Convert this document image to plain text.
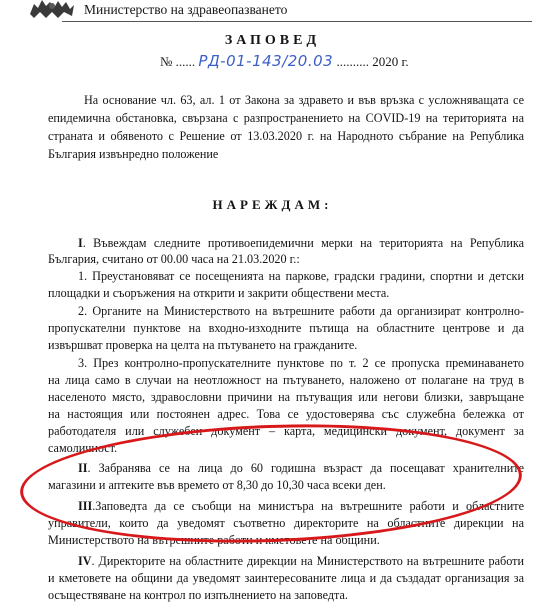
Министерство на здравеопазването
ЗАПОВЕД
№ ...... РД-01-143/20.03 .......... 2020 г.
На основание чл. 63, ал. 1 от Закона за здравето и във връзка с усложняващата се
епидемична обстановка, свързана с разпространението на COVID-19 на територията на
страната и обявеното с Решение от 13.03.2020 г. на Народното събрание на Република
България извънредно положение
НАРЕЖДАМ:
I. Въвеждам следните противоепидемични мерки на територията на Република
България, считано от 00.00 часа на 21.03.2020 г.:
1. Преустановяват се посещенията на паркове, градски градини, спортни и детски
площадки и съоръжения на открити и закрити обществени места.
2. Органите на Министерството на вътрешните работи да организират контролно-
пропускателни пунктове на входно-изходните пътища на областните центрове и да
извършват проверка на целта на пътуването на гражданите.
3. През контролно-пропускателните пунктове по т. 2 се пропуска преминаването
на лица само в случаи на неотложност на пътуването, наложено от полагане на труд в
населеното място, здравословни причини на пътуващия или негови близки, завръщане
на настоящия или постоянен адрес. Това се удостоверява със служебна бележка от
работодателя или служебен документ – карта, медицински документ, документ за
самоличност.
II. Забранява се на лица до 60 годишна възраст да посещават хранителните
магазини и аптеките във времето от 8,30 до 10,30 часа всеки ден.
III.Заповедта да се съобщи на министъра на вътрешните работи и областните
управители, които да уведомят съответно директорите на областните дирекции на
Министерството на вътрешните работи и кметовете на общини.
IV. Директорите на областните дирекции на Министерството на вътрешните работи
и кметовете на общини да уведомят заинтересованите лица и да създадат организация за
осъществяване на контрол по изпълнението на заповедта.
